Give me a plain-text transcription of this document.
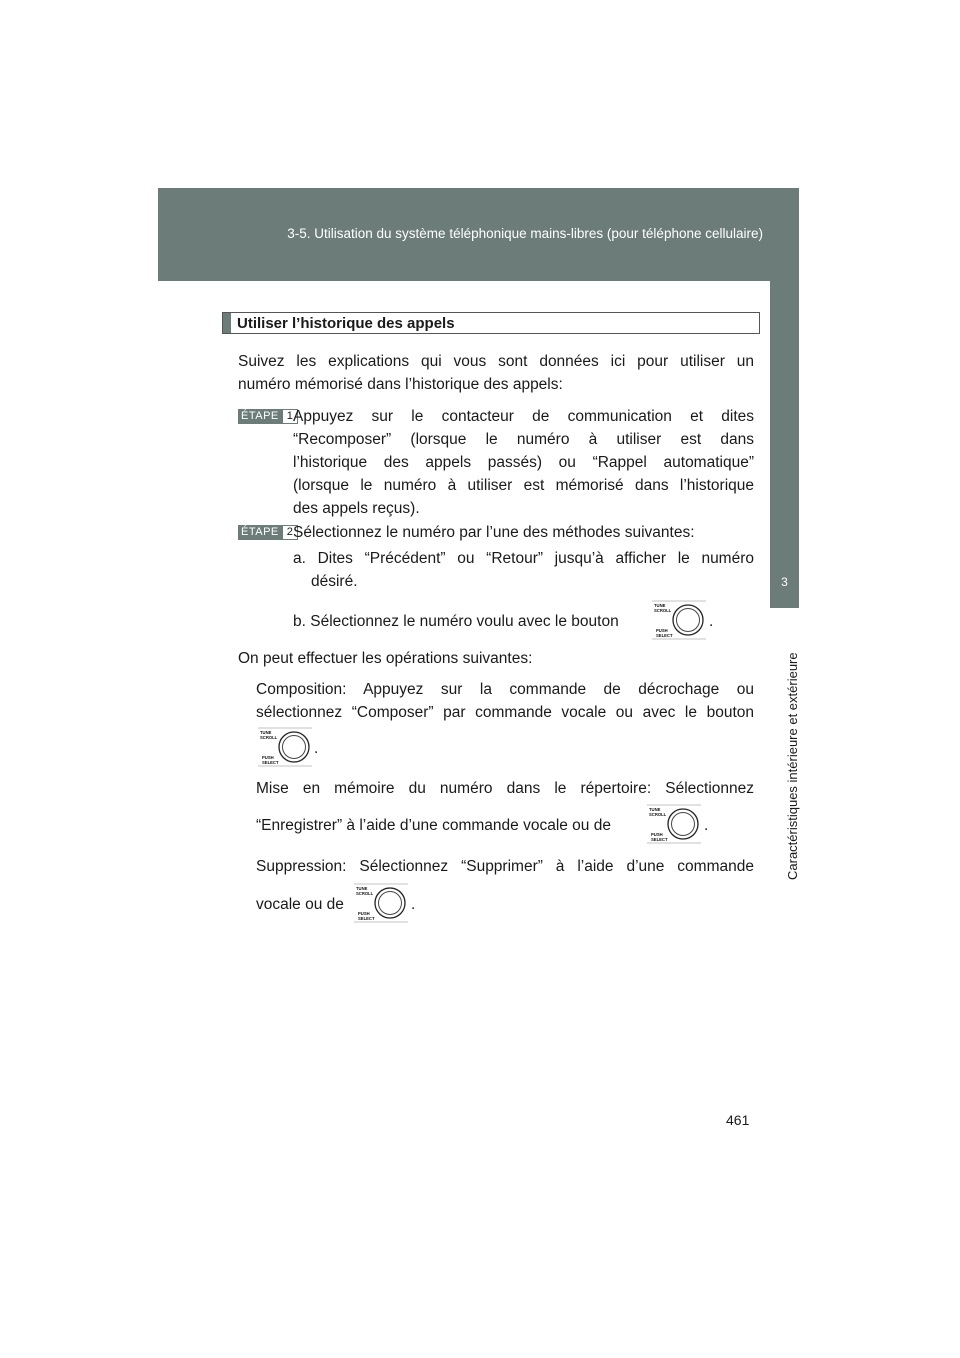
3-5. Utilisation du système téléphonique mains-libres (pour téléphone cellulaire)
3
Caractéristiques intérieure et extérieure
Utiliser l’historique des appels
Suivez les explications qui vous sont données ici pour utiliser un
numéro mémorisé dans l’historique des appels:
ÉTAPE 1 Appuyez sur le contacteur de communication et dites
“Recomposer” (lorsque le numéro à utiliser est dans
l’historique des appels passés) ou “Rappel automatique”
(lorsque le numéro à utiliser est mémorisé dans l’historique
des appels reçus).
ÉTAPE 2 Sélectionnez le numéro par l’une des méthodes suivantes:
a. Dites “Précédent” ou “Retour” jusqu’à afficher le numéro
désiré.
b. Sélectionnez le numéro voulu avec le bouton
TUNE
SCROLL
PUSH
SELECT
.
On peut effectuer les opérations suivantes:
Composition: Appuyez sur la commande de décrochage ou
sélectionnez “Composer” par commande vocale ou avec le bouton
TUNE
SCROLL
PUSH
SELECT
.
Mise en mémoire du numéro dans le répertoire: Sélectionnez
“Enregistrer” à l’aide d’une commande vocale ou de
TUNE
SCROLL
PUSH
SELECT
.
Suppression: Sélectionnez “Supprimer” à l’aide d’une commande
vocale ou de
TUNE
SCROLL
PUSH
SELECT
.
461
